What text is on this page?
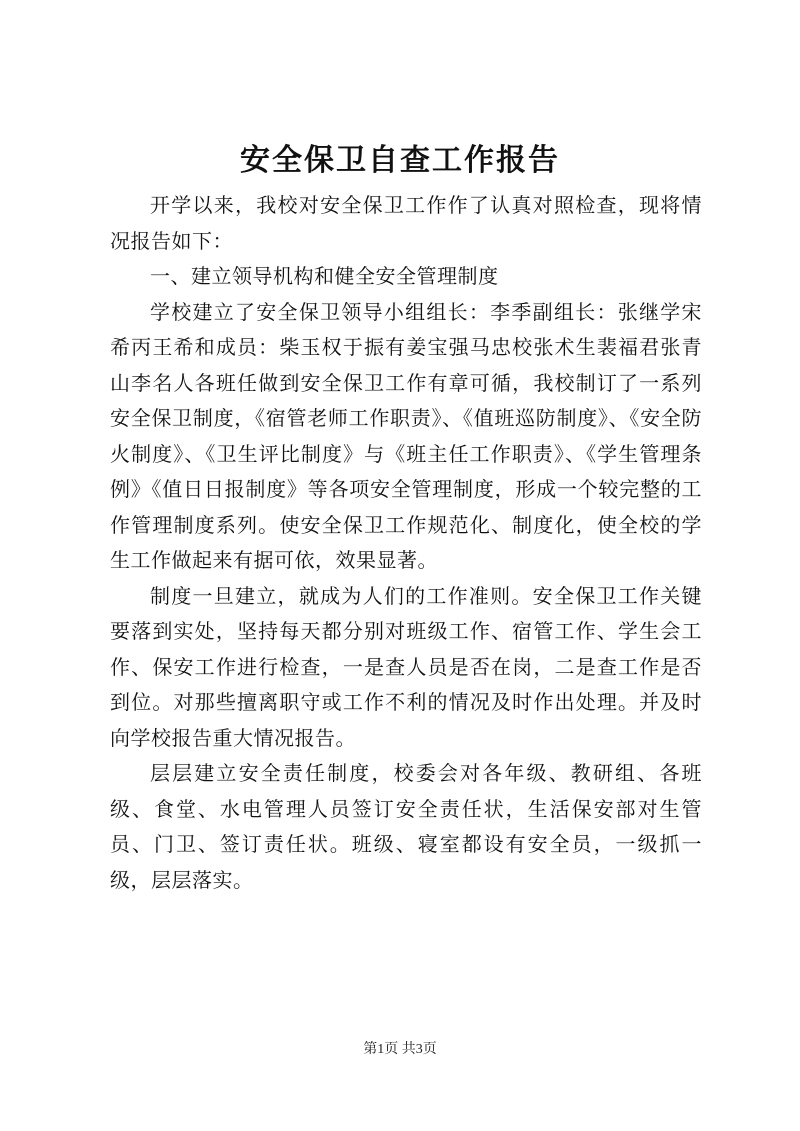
安全保卫自查工作报告

开学以来，我校对安全保卫工作作了认真对照检查，现将情况报告如下：

一、建立领导机构和健全安全管理制度

学校建立了安全保卫领导小组组长：李季副组长：张继学宋希丙王希和成员：柴玉权于振有姜宝强马忠校张术生裴福君张青山李名人各班任做到安全保卫工作有章可循，我校制订了一系列安全保卫制度，《宿管老师工作职责》、《值班巡防制度》、《安全防火制度》、《卫生评比制度》与《班主任工作职责》、《学生管理条例》《值日日报制度》等各项安全管理制度，形成一个较完整的工作管理制度系列。使安全保卫工作规范化、制度化，使全校的学生工作做起来有据可依，效果显著。

制度一旦建立，就成为人们的工作准则。安全保卫工作关键要落到实处，坚持每天都分别对班级工作、宿管工作、学生会工作、保安工作进行检查，一是查人员是否在岗，二是查工作是否到位。对那些擅离职守或工作不利的情况及时作出处理。并及时向学校报告重大情况报告。

层层建立安全责任制度，校委会对各年级、教研组、各班级、食堂、水电管理人员签订安全责任状，生活保安部对生管员、门卫、签订责任状。班级、寝室都设有安全员，一级抓一级，层层落实。

第1页 共3页
